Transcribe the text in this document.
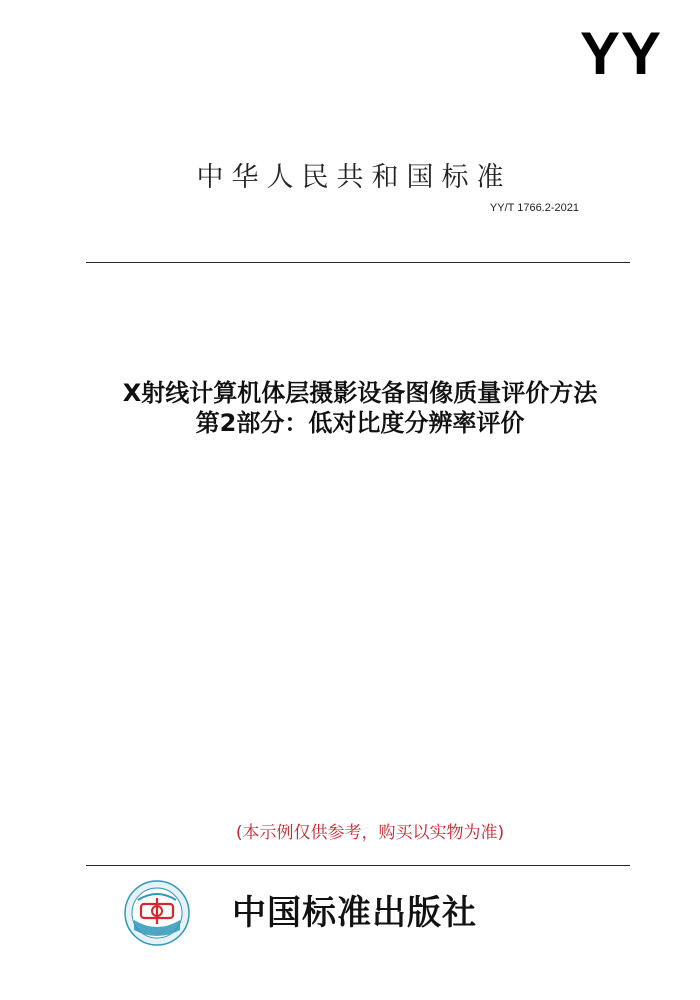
YY
中华人民共和国标准
YY/T 1766.2-2021
X射线计算机体层摄影设备图像质量评价方法
第2部分：低对比度分辨率评价
(本示例仅供参考，购买以实物为准)
中国标准出版社
